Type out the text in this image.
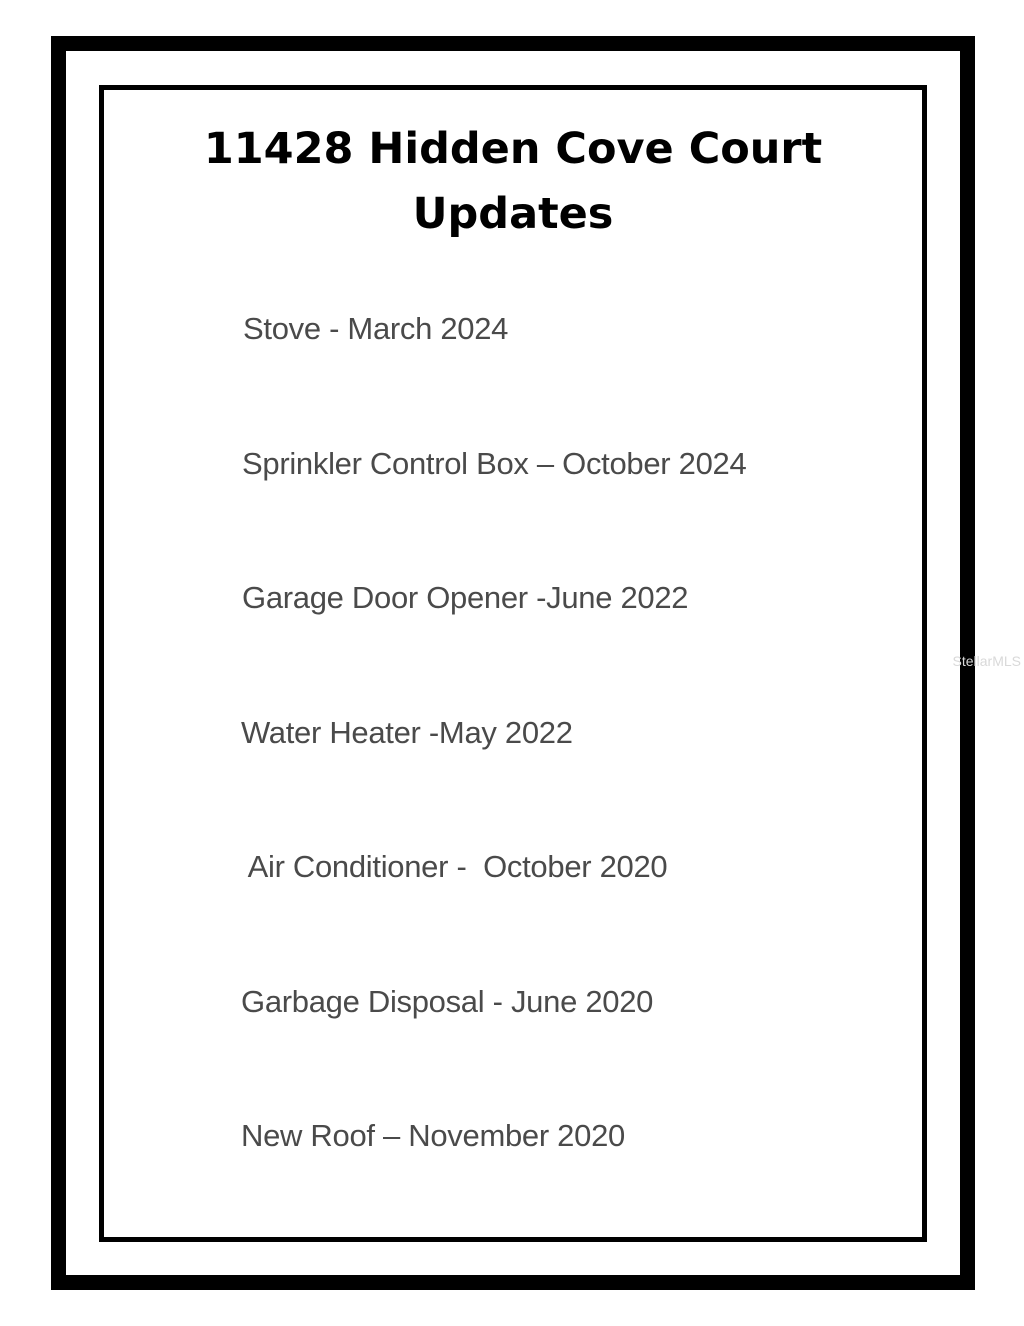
11428 Hidden Cove Court
Updates

Stove - March 2024

Sprinkler Control Box – October 2024

Garage Door Opener -June 2022

Water Heater -May 2022

Air Conditioner -  October 2020

Garbage Disposal - June 2020

New Roof – November 2020

StellarMLS
